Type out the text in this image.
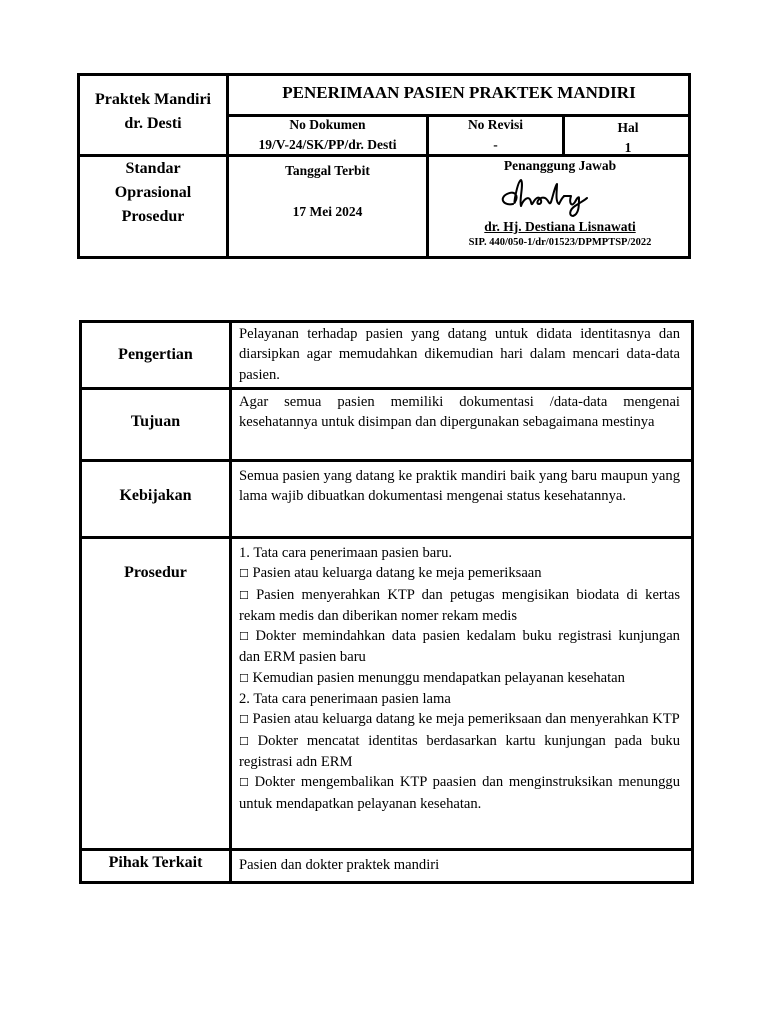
Praktek Mandiri
dr. Desti
PENERIMAAN PASIEN PRAKTEK MANDIRI
No Dokumen
19/V-24/SK/PP/dr. Desti
No Revisi
-
Hal
1
Standar
Oprasional
Prosedur
Tanggal Terbit
17 Mei 2024
Penanggung Jawab
dr. Hj. Destiana Lisnawati
SIP. 440/050-1/dr/01523/DPMPTSP/2022
Pengertian

Pelayanan terhadap pasien yang datang untuk didata identitasnya dan diarsipkan agar memudahkan dikemudian hari dalam mencari data-data pasien.

Tujuan

Agar semua pasien memiliki dokumentasi /data-data mengenai kesehatannya untuk disimpan dan dipergunakan sebagaimana mestinya

Kebijakan

Semua pasien yang datang ke praktik mandiri baik yang baru maupun yang lama wajib dibuatkan dokumentasi mengenai status kesehatannya.

Prosedur

1. Tata cara penerimaan pasien baru.

☐ Pasien atau keluarga datang ke meja pemeriksaan

☐ Pasien menyerahkan KTP dan petugas mengisikan biodata di kertas rekam medis dan diberikan nomer rekam medis

☐ Dokter memindahkan data pasien kedalam buku registrasi kunjungan dan ERM pasien baru

☐ Kemudian pasien menunggu mendapatkan pelayanan kesehatan

2. Tata cara penerimaan pasien lama

☐ Pasien atau keluarga datang ke meja pemeriksaan dan menyerahkan KTP

☐ Dokter mencatat identitas berdasarkan kartu kunjungan pada buku registrasi adn ERM

☐ Dokter mengembalikan KTP paasien dan menginstruksikan menunggu untuk mendapatkan pelayanan kesehatan.

Pihak Terkait	Pasien dan dokter praktek mandiri
